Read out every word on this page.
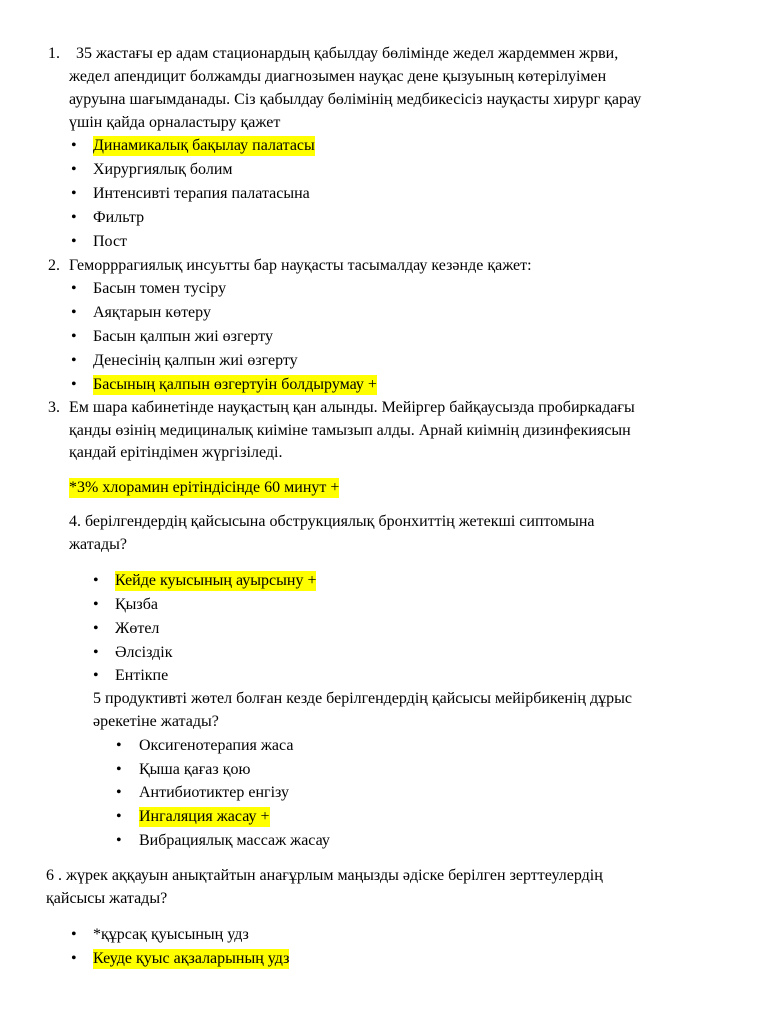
1. 35 жастағы ер адам стационардың қабылдау бөлімінде жедел жардеммен жрви,
жедел апендицит болжамды диагнозымен науқас дене қызуының көтерілуімен
ауруына шағымданады. Сіз қабылдау бөлімінің медбикесісіз науқасты хирург қарау
үшін қайда орналастыру қажет
• Динамикалық бақылау палатасы
• Хирургиялық болим
• Интенсивті терапия палатасына
• Фильтр
• Пост
2. Геморррагиялық инсуьтты бар науқасты тасымалдау кезәнде қажет:
• Басын томен тусіру
• Аяқтарын көтеру
• Басын қалпын жиі өзгерту
• Денесінің қалпын жиі өзгерту
• Басының қалпын өзгертуін болдырумау +
3. Ем шара кабинетінде науқастың қан алынды. Мейіргер байқаусызда пробиркадағы
қанды өзінің медициналық киіміне тамызып алды. Арнай киімнің дизинфекиясын
қандай ерітіндімен жүргізіледі.
*3% хлорамин ерітіндісінде 60 минут +
4. берілгендердің қайсысына обструкциялық бронхиттің жетекші сиптомына
жатады?
• Кейде куысының ауырсыну +
• Қызба
• Жөтел
• Әлсіздік
• Ентікпе
5 продуктивті жөтел болған кезде берілгендердің қайсысы мейірбикенің дұрыс
әрекетіне жатады?
• Оксигенотерапия жаса
• Қыша қағаз қою
• Антибиотиктер енгізу
• Ингаляция жасау +
• Вибрациялық массаж жасау
6 . жүрек аққауын анықтайтын анағұрлым маңызды әдіске берілген зерттеулердің
қайсысы жатады?
• *құрсақ қуысының удз
• Кеуде қуыс ақзаларының удз
